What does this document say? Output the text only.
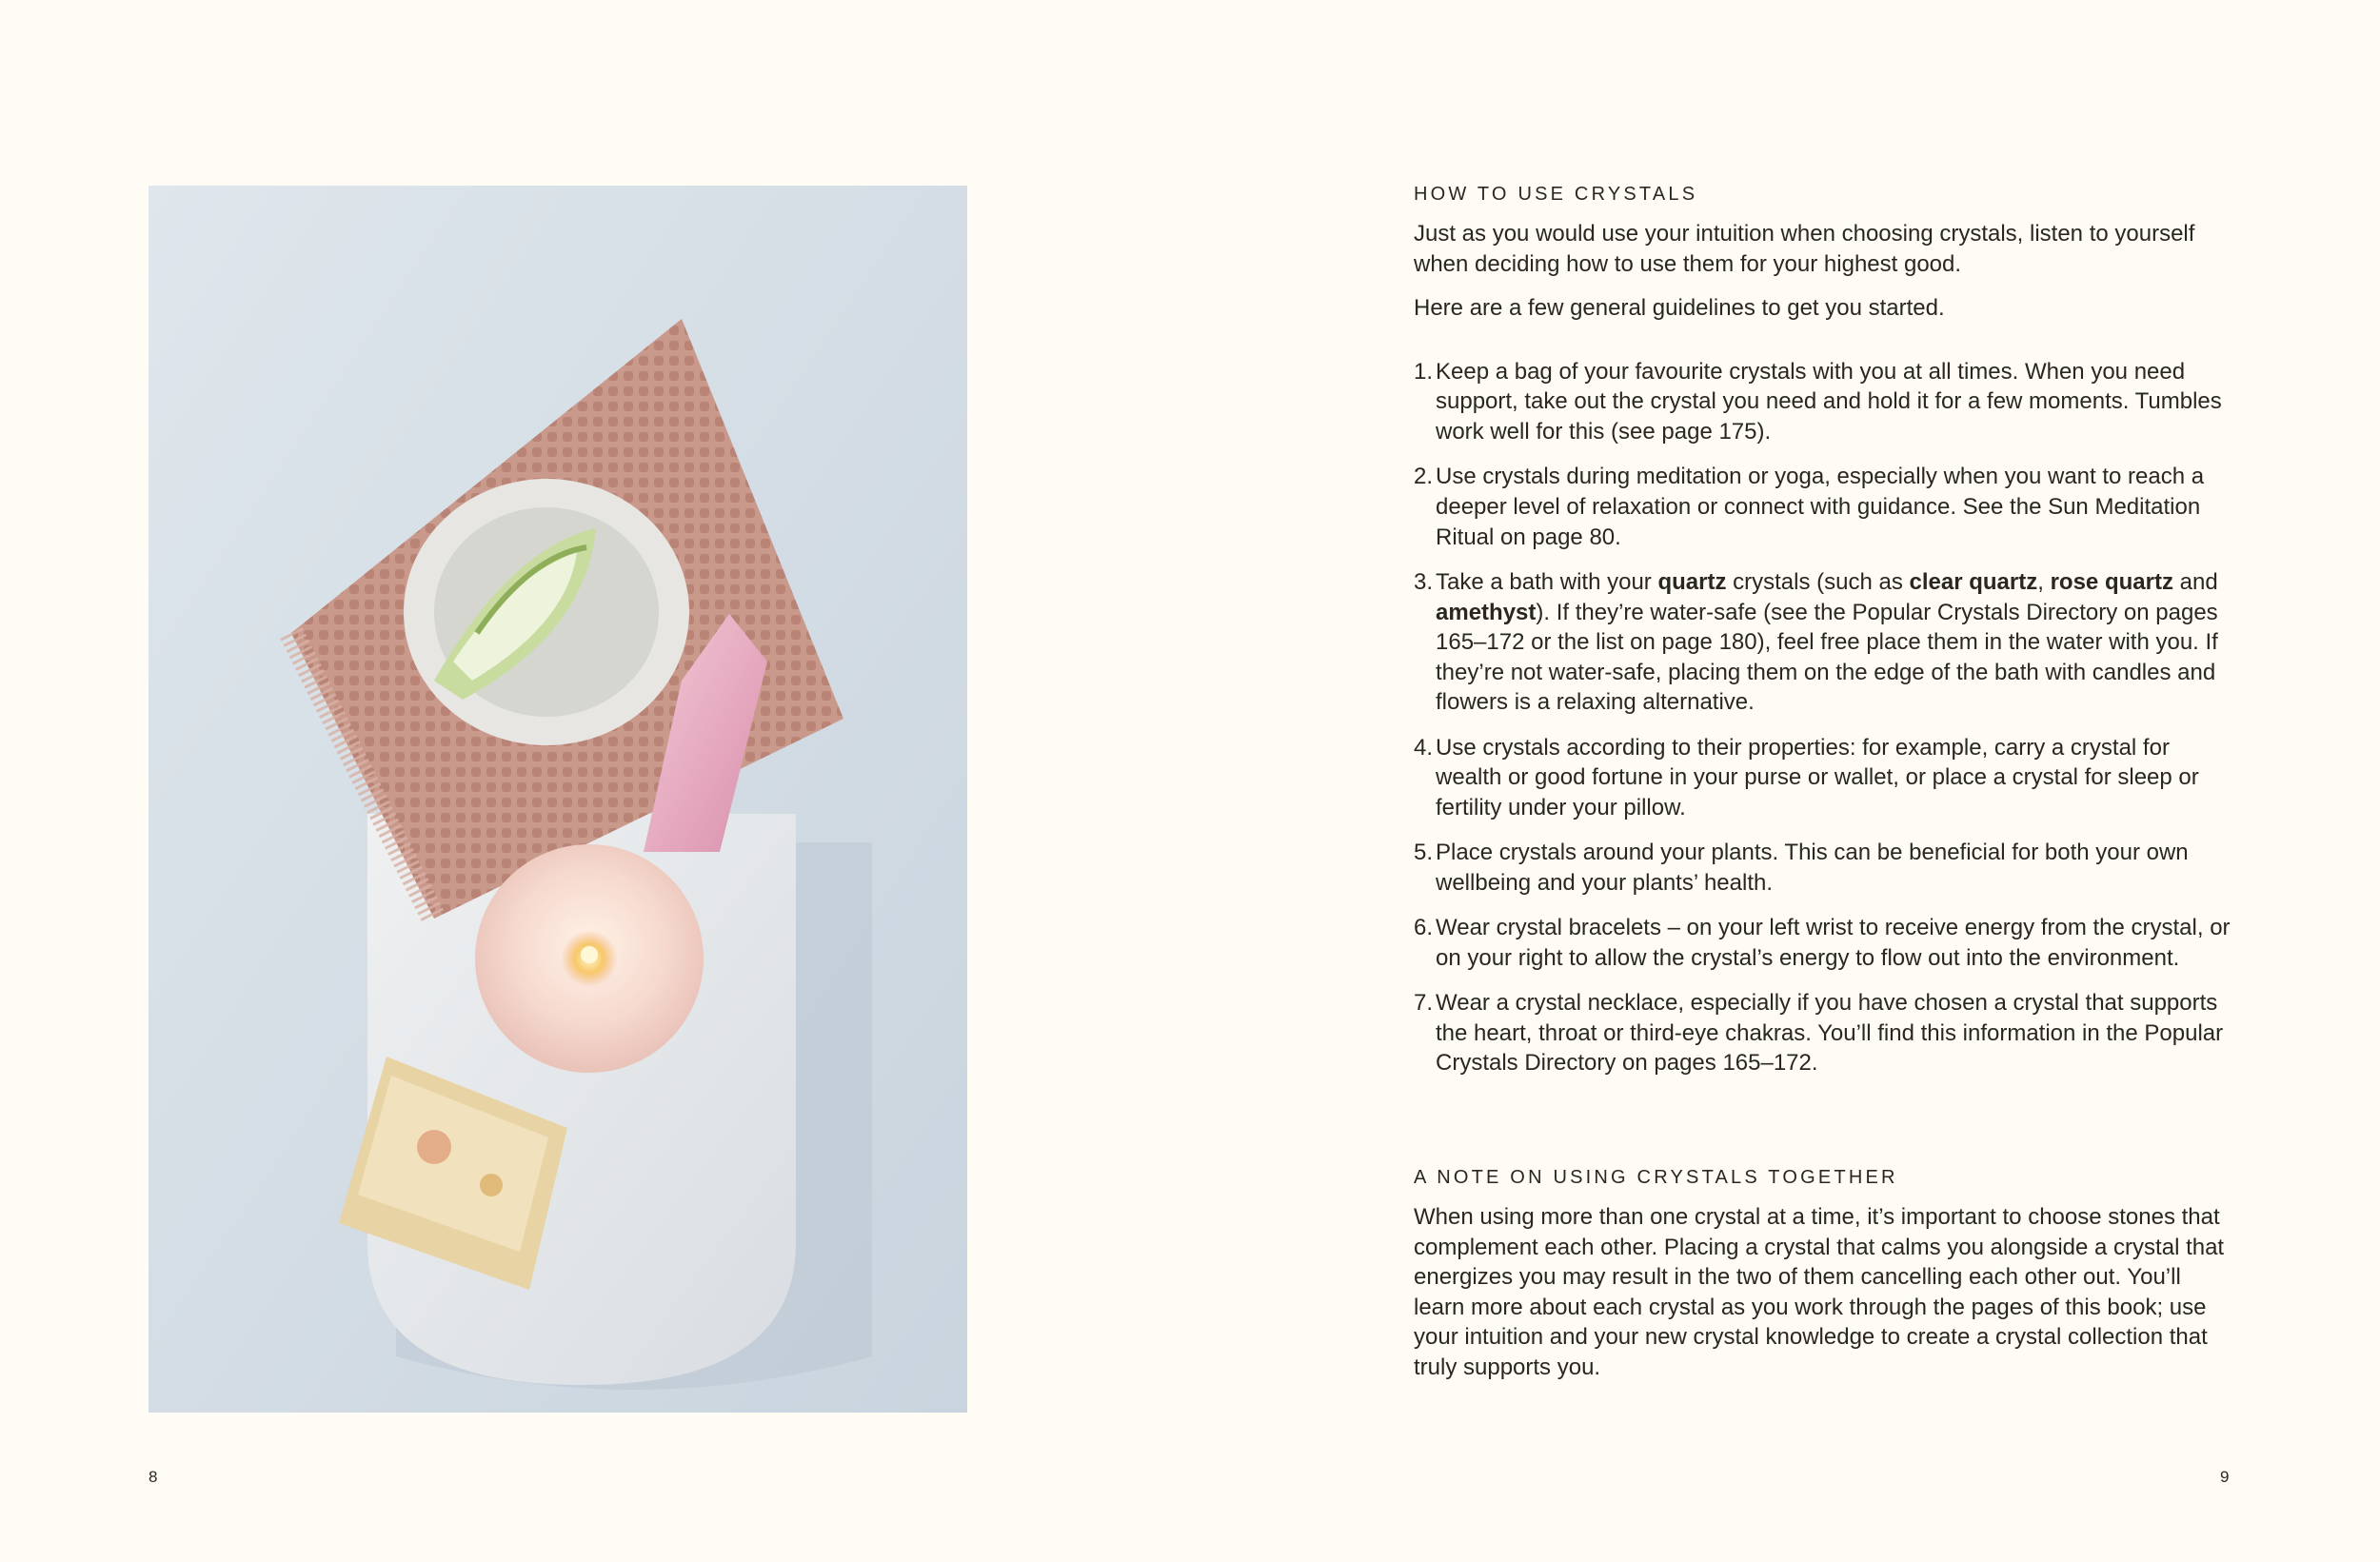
8
HOW TO USE CRYSTALS

Just as you would use your intuition when choosing crystals, listen to yourself when deciding how to use them for your highest good.

Here are a few general guidelines to get you started.

1. Keep a bag of your favourite crystals with you at all times. When you need support, take out the crystal you need and hold it for a few moments. Tumbles work well for this (see page 175).
2. Use crystals during meditation or yoga, especially when you want to reach a deeper level of relaxation or connect with guidance. See the Sun Meditation Ritual on page 80.
3. Take a bath with your quartz crystals (such as clear quartz, rose quartz and amethyst). If they’re water-safe (see the Popular Crystals Directory on pages 165–172 or the list on page 180), feel free place them in the water with you. If they’re not water-safe, placing them on the edge of the bath with candles and flowers is a relaxing alternative.
4. Use crystals according to their properties: for example, carry a crystal for wealth or good fortune in your purse or wallet, or place a crystal for sleep or fertility under your pillow.
5. Place crystals around your plants. This can be beneficial for both your own wellbeing and your plants’ health.
6. Wear crystal bracelets – on your left wrist to receive energy from the crystal, or on your right to allow the crystal’s energy to flow out into the environment.
7. Wear a crystal necklace, especially if you have chosen a crystal that supports the heart, throat or third-eye chakras. You’ll find this information in the Popular Crystals Directory on pages 165–172.
A NOTE ON USING CRYSTALS TOGETHER

When using more than one crystal at a time, it’s important to choose stones that complement each other. Placing a crystal that calms you alongside a crystal that energizes you may result in the two of them cancelling each other out. You’ll learn more about each crystal as you work through the pages of this book; use your intuition and your new crystal knowledge to create a crystal collection that truly supports you.

9
